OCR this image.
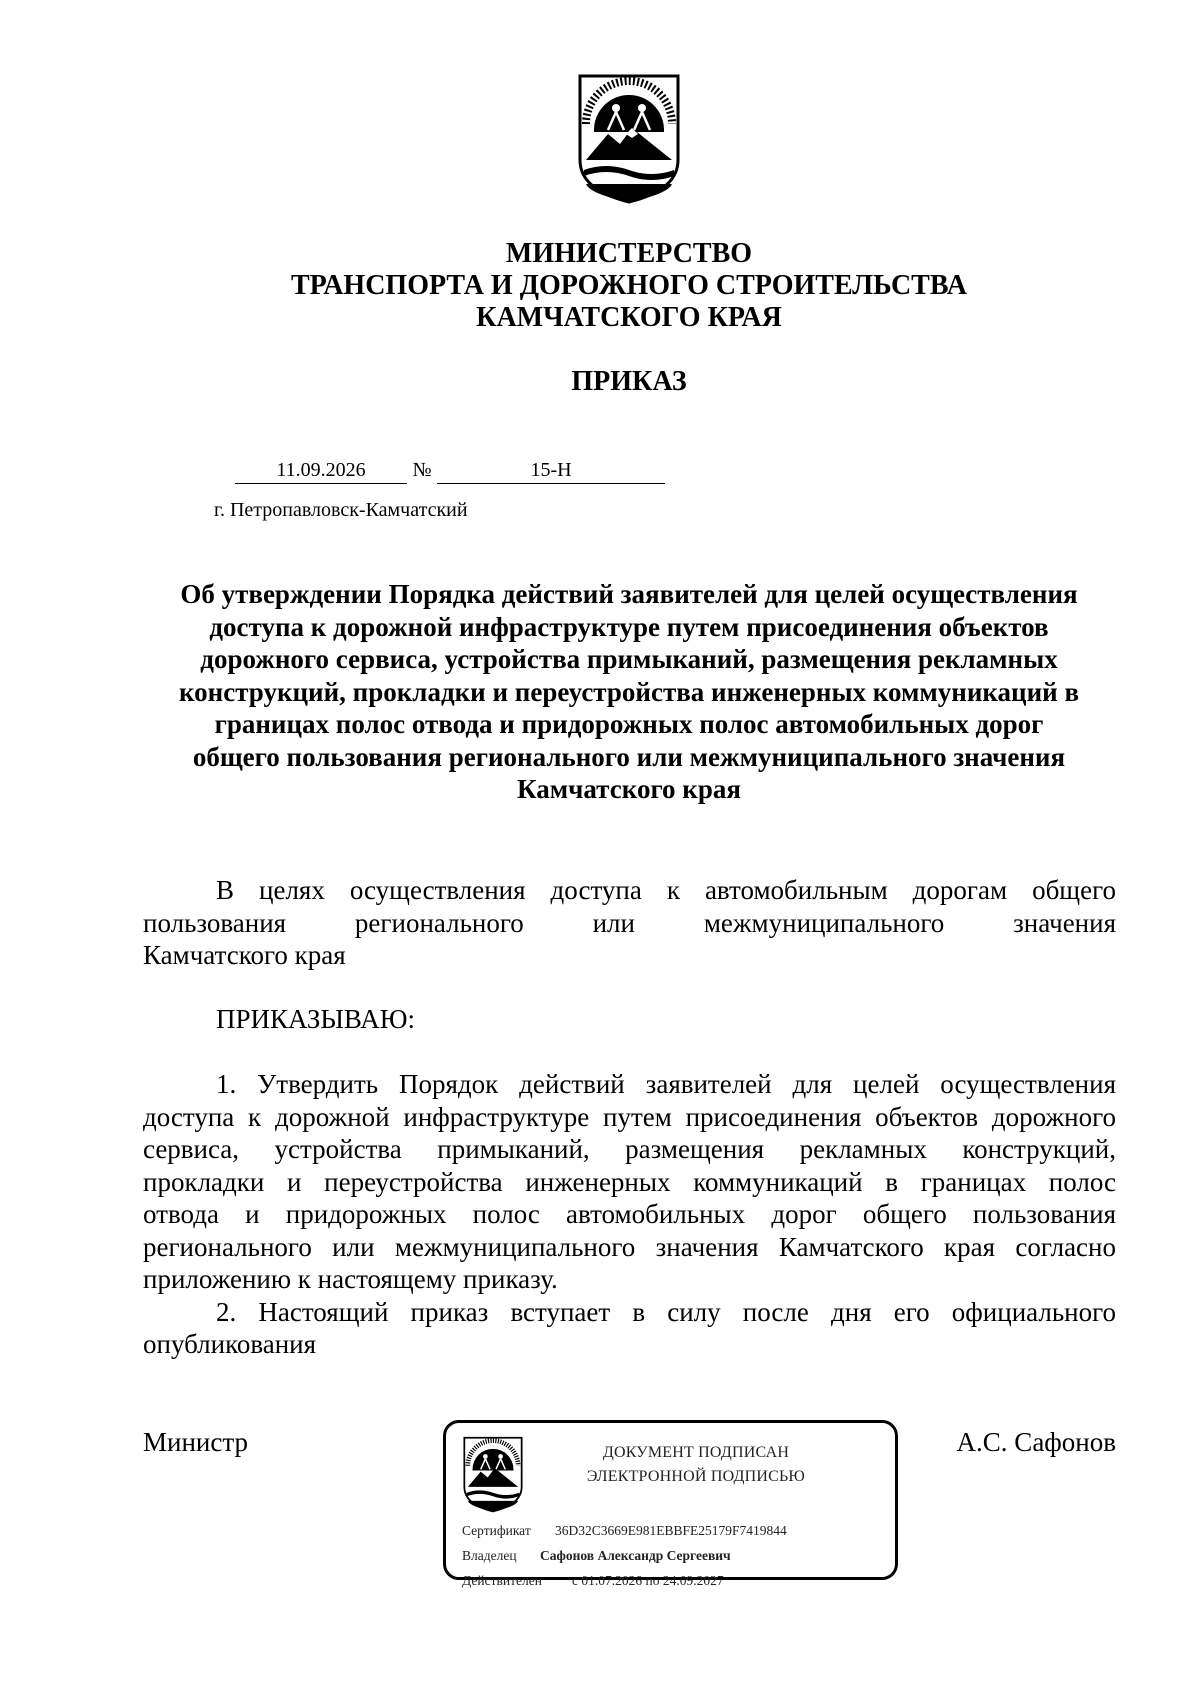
МИНИСТЕРСТВО
ТРАНСПОРТА И ДОРОЖНОГО СТРОИТЕЛЬСТВА
КАМЧАТСКОГО КРАЯ
ПРИКАЗ
11.09.2026 №	15-Н
г. Петропавловск-Камчатский
Об утверждении Порядка действий заявителей для целей осуществления
доступа к дорожной инфраструктуре путем присоединения объектов
дорожного сервиса, устройства примыканий, размещения рекламных
конструкций, прокладки и переустройства инженерных коммуникаций в
границах полос отвода и придорожных полос автомобильных дорог
общего пользования регионального или межмуниципального значения
Камчатского края
В целях осуществления доступа к автомобильным дорогам общего
пользования регионального или межмуниципального значения
Камчатского края
ПРИКАЗЫВАЮ:
1. Утвердить Порядок действий заявителей для целей осуществления
доступа к дорожной инфраструктуре путем присоединения объектов дорожного
сервиса, устройства примыканий, размещения рекламных конструкций,
прокладки и переустройства инженерных коммуникаций в границах полос
отвода и придорожных полос автомобильных дорог общего пользования
регионального или межмуниципального значения Камчатского края согласно
приложению к настоящему приказу.
2. Настоящий приказ вступает в силу после дня его официального
опубликования
Министр	ДОКУМЕНТ ПОДПИСАН
ЭЛЕКТРОННОЙ ПОДПИСЬЮ
Сертификат 36D32C3669E981EBBFE25179F7419844
Владелец Сафонов Александр Сергеевич
Действителен с 01.07.2026 по 24.09.2027
А.С. Сафонов
